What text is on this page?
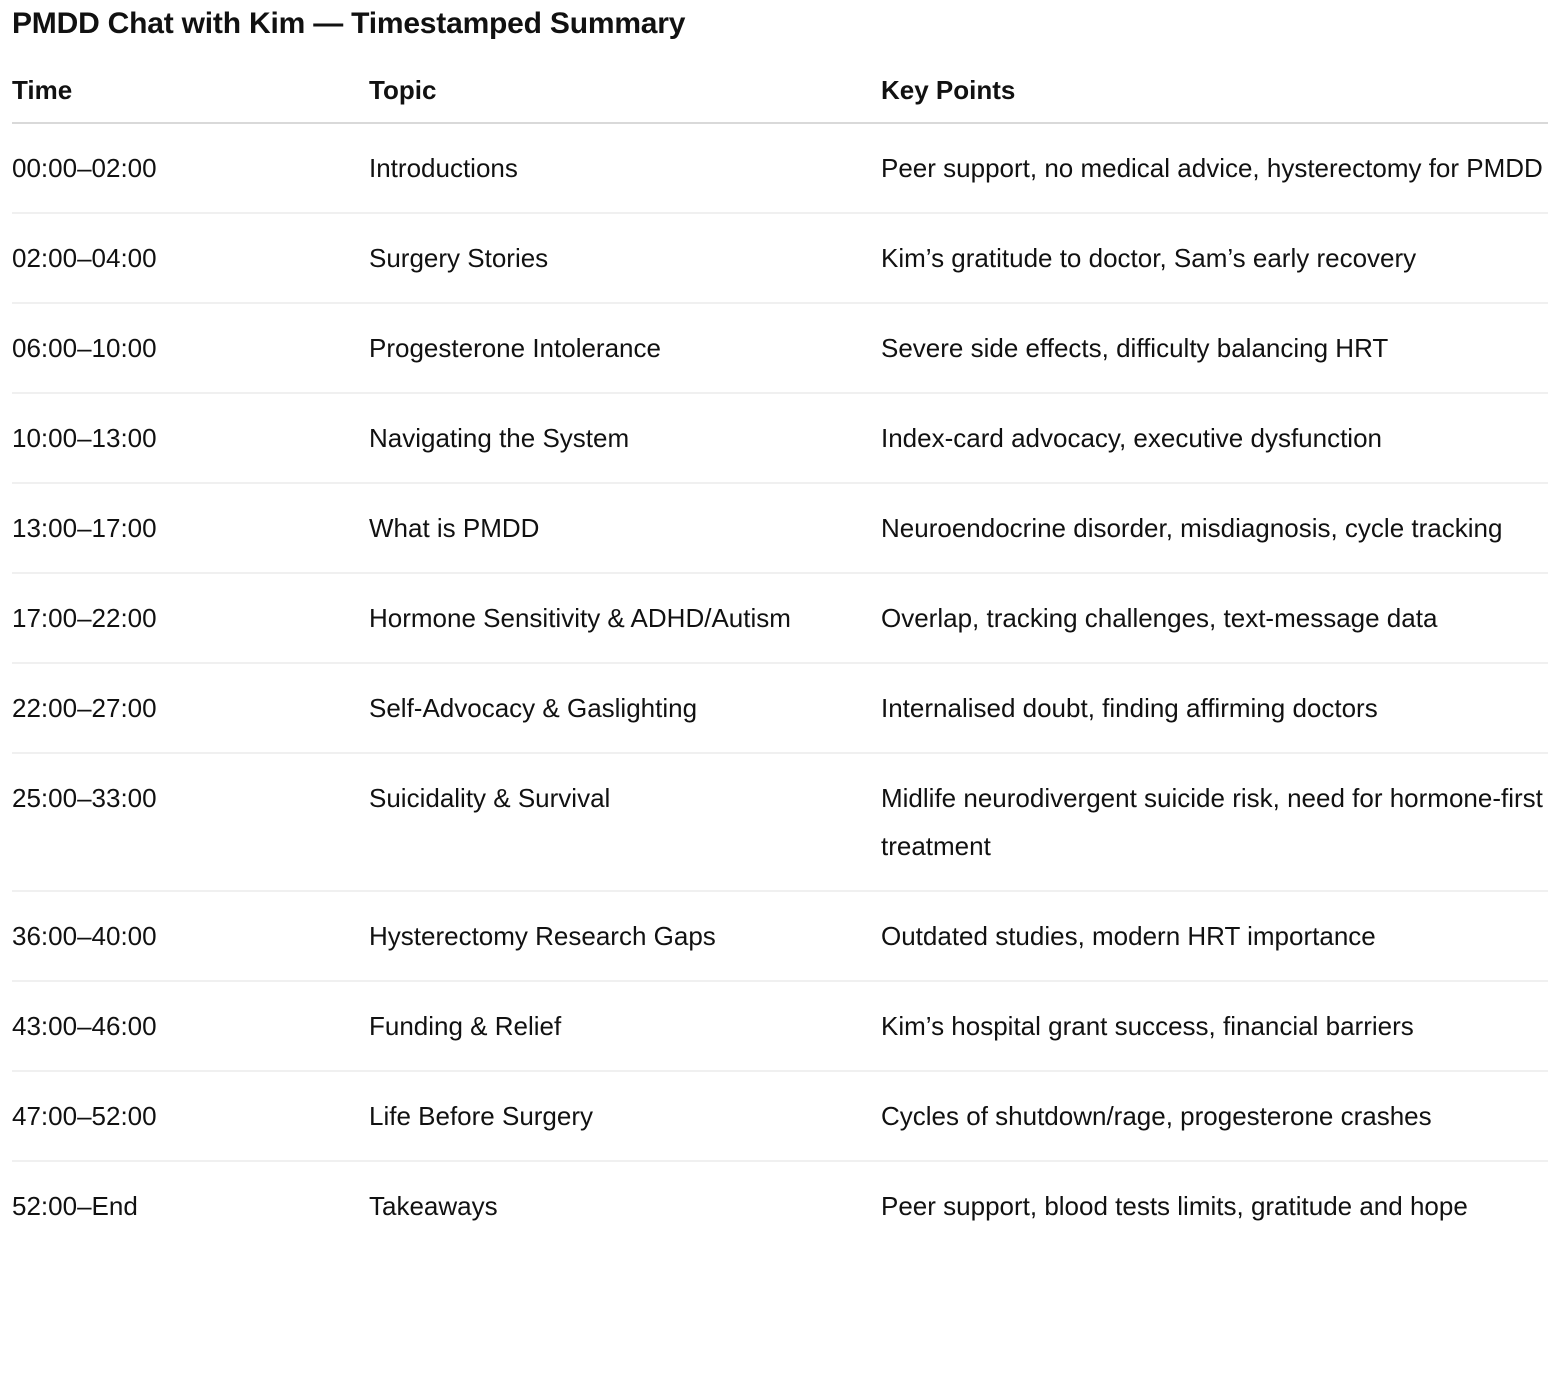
PMDD Chat with Kim — Timestamped Summary
Time	Topic	Key Points
00:00–02:00	Introductions	Peer support, no medical advice, hysterectomy for PMDD
02:00–04:00	Surgery Stories	Kim’s gratitude to doctor, Sam’s early recovery
06:00–10:00	Progesterone Intolerance	Severe side effects, difficulty balancing HRT
10:00–13:00	Navigating the System	Index-card advocacy, executive dysfunction
13:00–17:00	What is PMDD	Neuroendocrine disorder, misdiagnosis, cycle tracking
17:00–22:00	Hormone Sensitivity & ADHD/Autism	Overlap, tracking challenges, text-message data
22:00–27:00	Self-Advocacy & Gaslighting	Internalised doubt, finding affirming doctors
25:00–33:00	Suicidality & Survival	Midlife neurodivergent suicide risk, need for hormone-first treatment
36:00–40:00	Hysterectomy Research Gaps	Outdated studies, modern HRT importance
43:00–46:00	Funding & Relief	Kim’s hospital grant success, financial barriers
47:00–52:00	Life Before Surgery	Cycles of shutdown/rage, progesterone crashes
52:00–End	Takeaways	Peer support, blood tests limits, gratitude and hope
